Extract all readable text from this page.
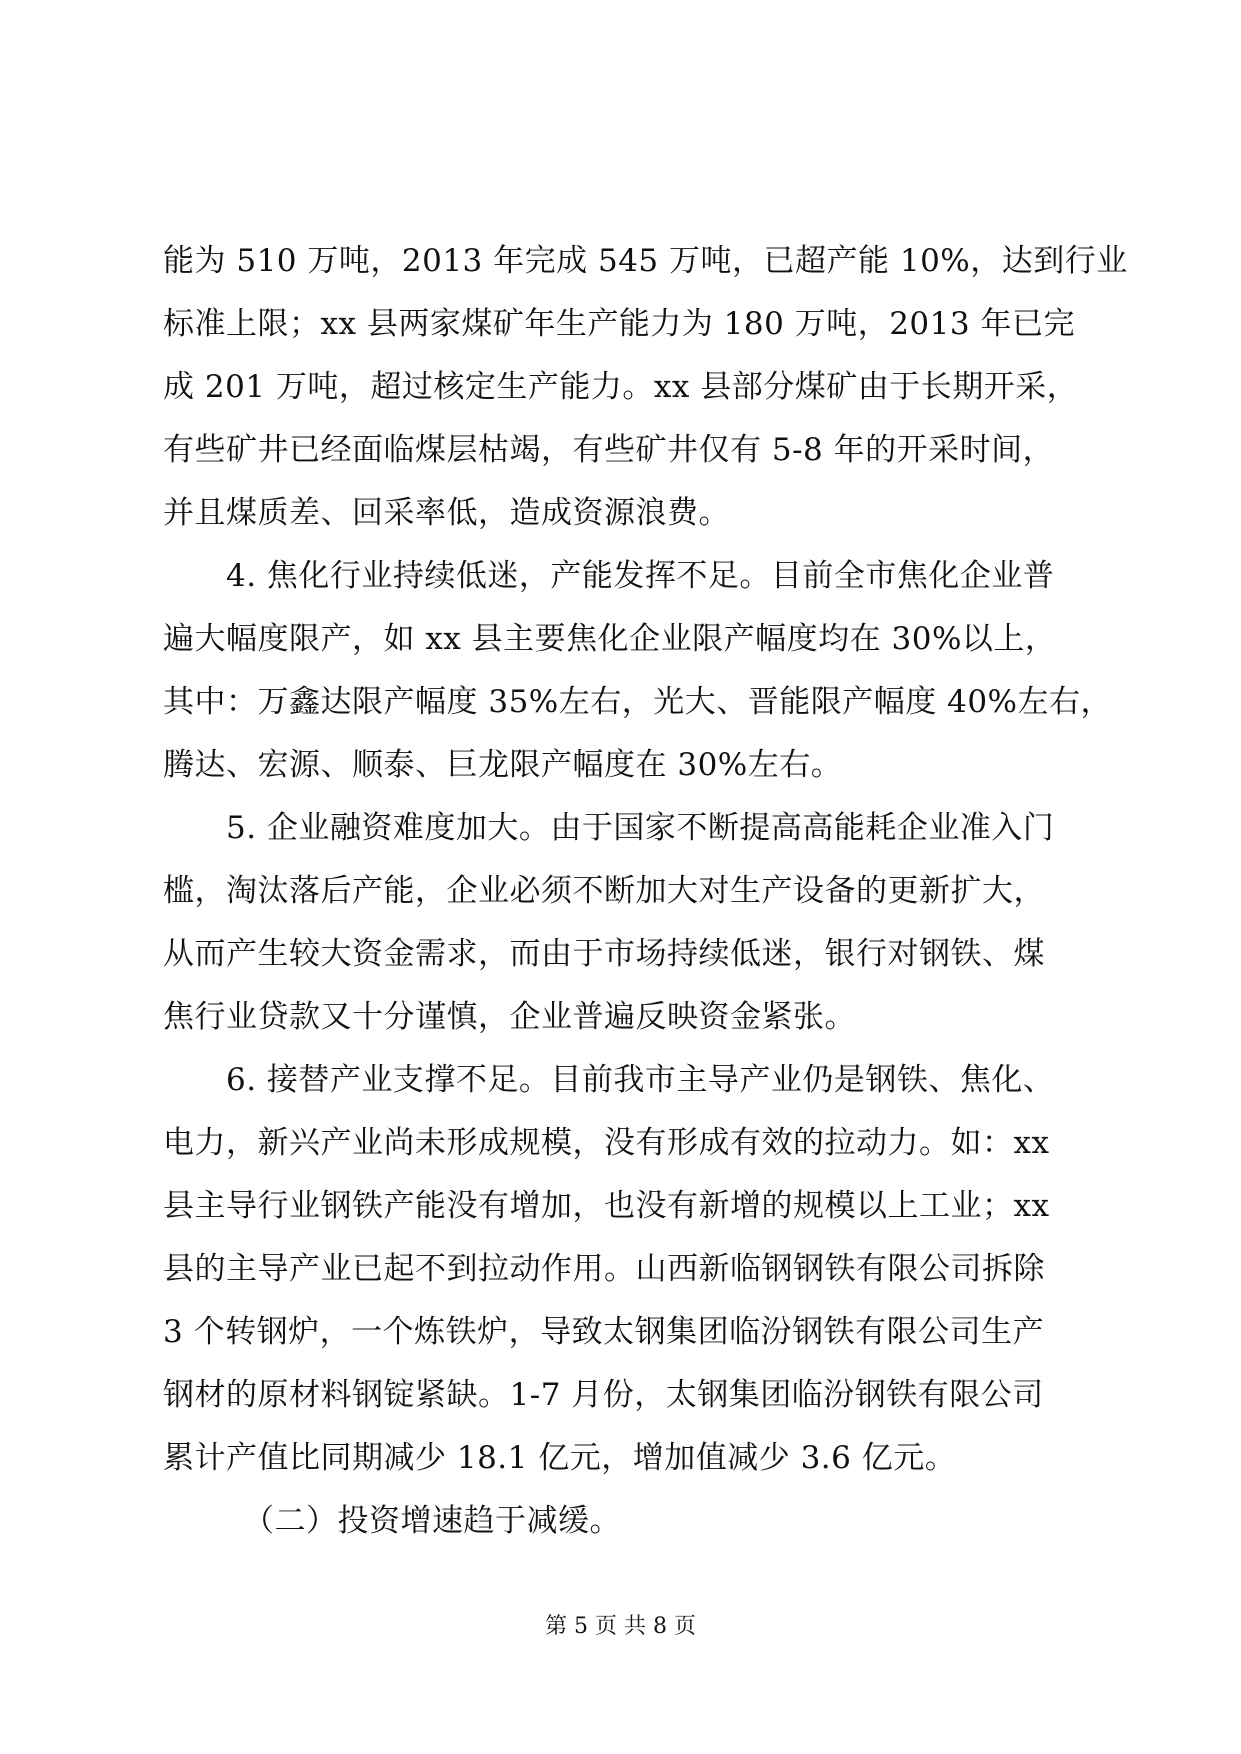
能为 510 万吨，2013 年完成 545 万吨，已超产能 10%，达到行业
标准上限；xx 县两家煤矿年生产能力为 180 万吨，2013 年已完
成 201 万吨，超过核定生产能力。xx 县部分煤矿由于长期开采，
有些矿井已经面临煤层枯竭，有些矿井仅有 5-8 年的开采时间，
并且煤质差、回采率低，造成资源浪费。
4. 焦化行业持续低迷，产能发挥不足。目前全市焦化企业普
遍大幅度限产，如 xx 县主要焦化企业限产幅度均在 30%以上，
其中：万鑫达限产幅度 35%左右，光大、晋能限产幅度 40%左右，
腾达、宏源、顺泰、巨龙限产幅度在 30%左右。
5. 企业融资难度加大。由于国家不断提高高能耗企业准入门
槛，淘汰落后产能，企业必须不断加大对生产设备的更新扩大，
从而产生较大资金需求，而由于市场持续低迷，银行对钢铁、煤
焦行业贷款又十分谨慎，企业普遍反映资金紧张。
6. 接替产业支撑不足。目前我市主导产业仍是钢铁、焦化、
电力，新兴产业尚未形成规模，没有形成有效的拉动力。如：xx
县主导行业钢铁产能没有增加，也没有新增的规模以上工业；xx
县的主导产业已起不到拉动作用。山西新临钢钢铁有限公司拆除
3 个转钢炉，一个炼铁炉，导致太钢集团临汾钢铁有限公司生产
钢材的原材料钢锭紧缺。1-7 月份，太钢集团临汾钢铁有限公司
累计产值比同期减少 18.1 亿元，增加值减少 3.6 亿元。
（二）投资增速趋于减缓。
第 5 页 共 8 页
